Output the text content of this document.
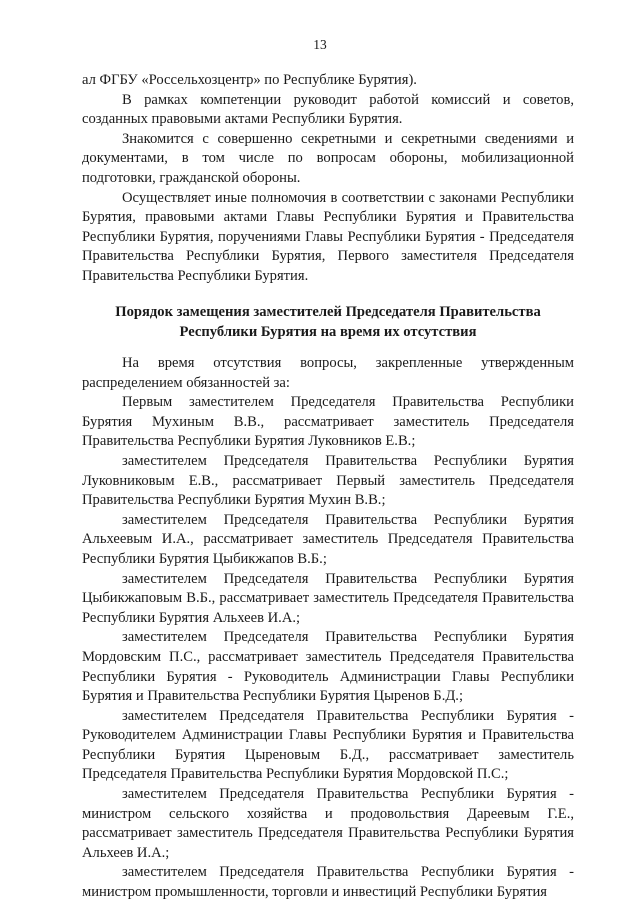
13

ал ФГБУ «Россельхозцентр» по Республике Бурятия).

В рамках компетенции руководит работой комиссий и советов, созданных правовыми актами Республики Бурятия.

Знакомится с совершенно секретными и секретными сведениями и документами, в том числе по вопросам обороны, мобилизационной подготовки, гражданской обороны.

Осуществляет иные полномочия в соответствии с законами Республики Бурятия, правовыми актами Главы Республики Бурятия и Правительства Республики Бурятия, поручениями Главы Республики Бурятия - Председателя Правительства Республики Бурятия, Первого заместителя Председателя Правительства Республики Бурятия.

Порядок замещения заместителей Председателя Правительства
Республики Бурятия на время их отсутствия

На время отсутствия вопросы, закрепленные утвержденным распределением обязанностей за:

Первым заместителем Председателя Правительства Республики Бурятия Мухиным В.В., рассматривает заместитель Председателя Правительства Республики Бурятия Луковников Е.В.;

заместителем Председателя Правительства Республики Бурятия Луковниковым Е.В., рассматривает Первый заместитель Председателя Правительства Республики Бурятия Мухин В.В.;

заместителем Председателя Правительства Республики Бурятия Альхеевым И.А., рассматривает заместитель Председателя Правительства Республики Бурятия Цыбикжапов В.Б.;

заместителем Председателя Правительства Республики Бурятия Цыбикжаповым В.Б., рассматривает заместитель Председателя Правительства Республики Бурятия Альхеев И.А.;

заместителем Председателя Правительства Республики Бурятия Мордовским П.С., рассматривает заместитель Председателя Правительства Республики Бурятия - Руководитель Администрации Главы Республики Бурятия и Правительства Республики Бурятия Цыренов Б.Д.;

заместителем Председателя Правительства Республики Бурятия - Руководителем Администрации Главы Республики Бурятия и Правительства Республики Бурятия Цыреновым Б.Д., рассматривает заместитель Председателя Правительства Республики Бурятия Мордовской П.С.;

заместителем Председателя Правительства Республики Бурятия - министром сельского хозяйства и продовольствия Дареевым Г.Е., рассматривает заместитель Председателя Правительства Республики Бурятия Альхеев И.А.;

заместителем Председателя Правительства Республики Бурятия - министром промышленности, торговли и инвестиций Республики Бурятия
